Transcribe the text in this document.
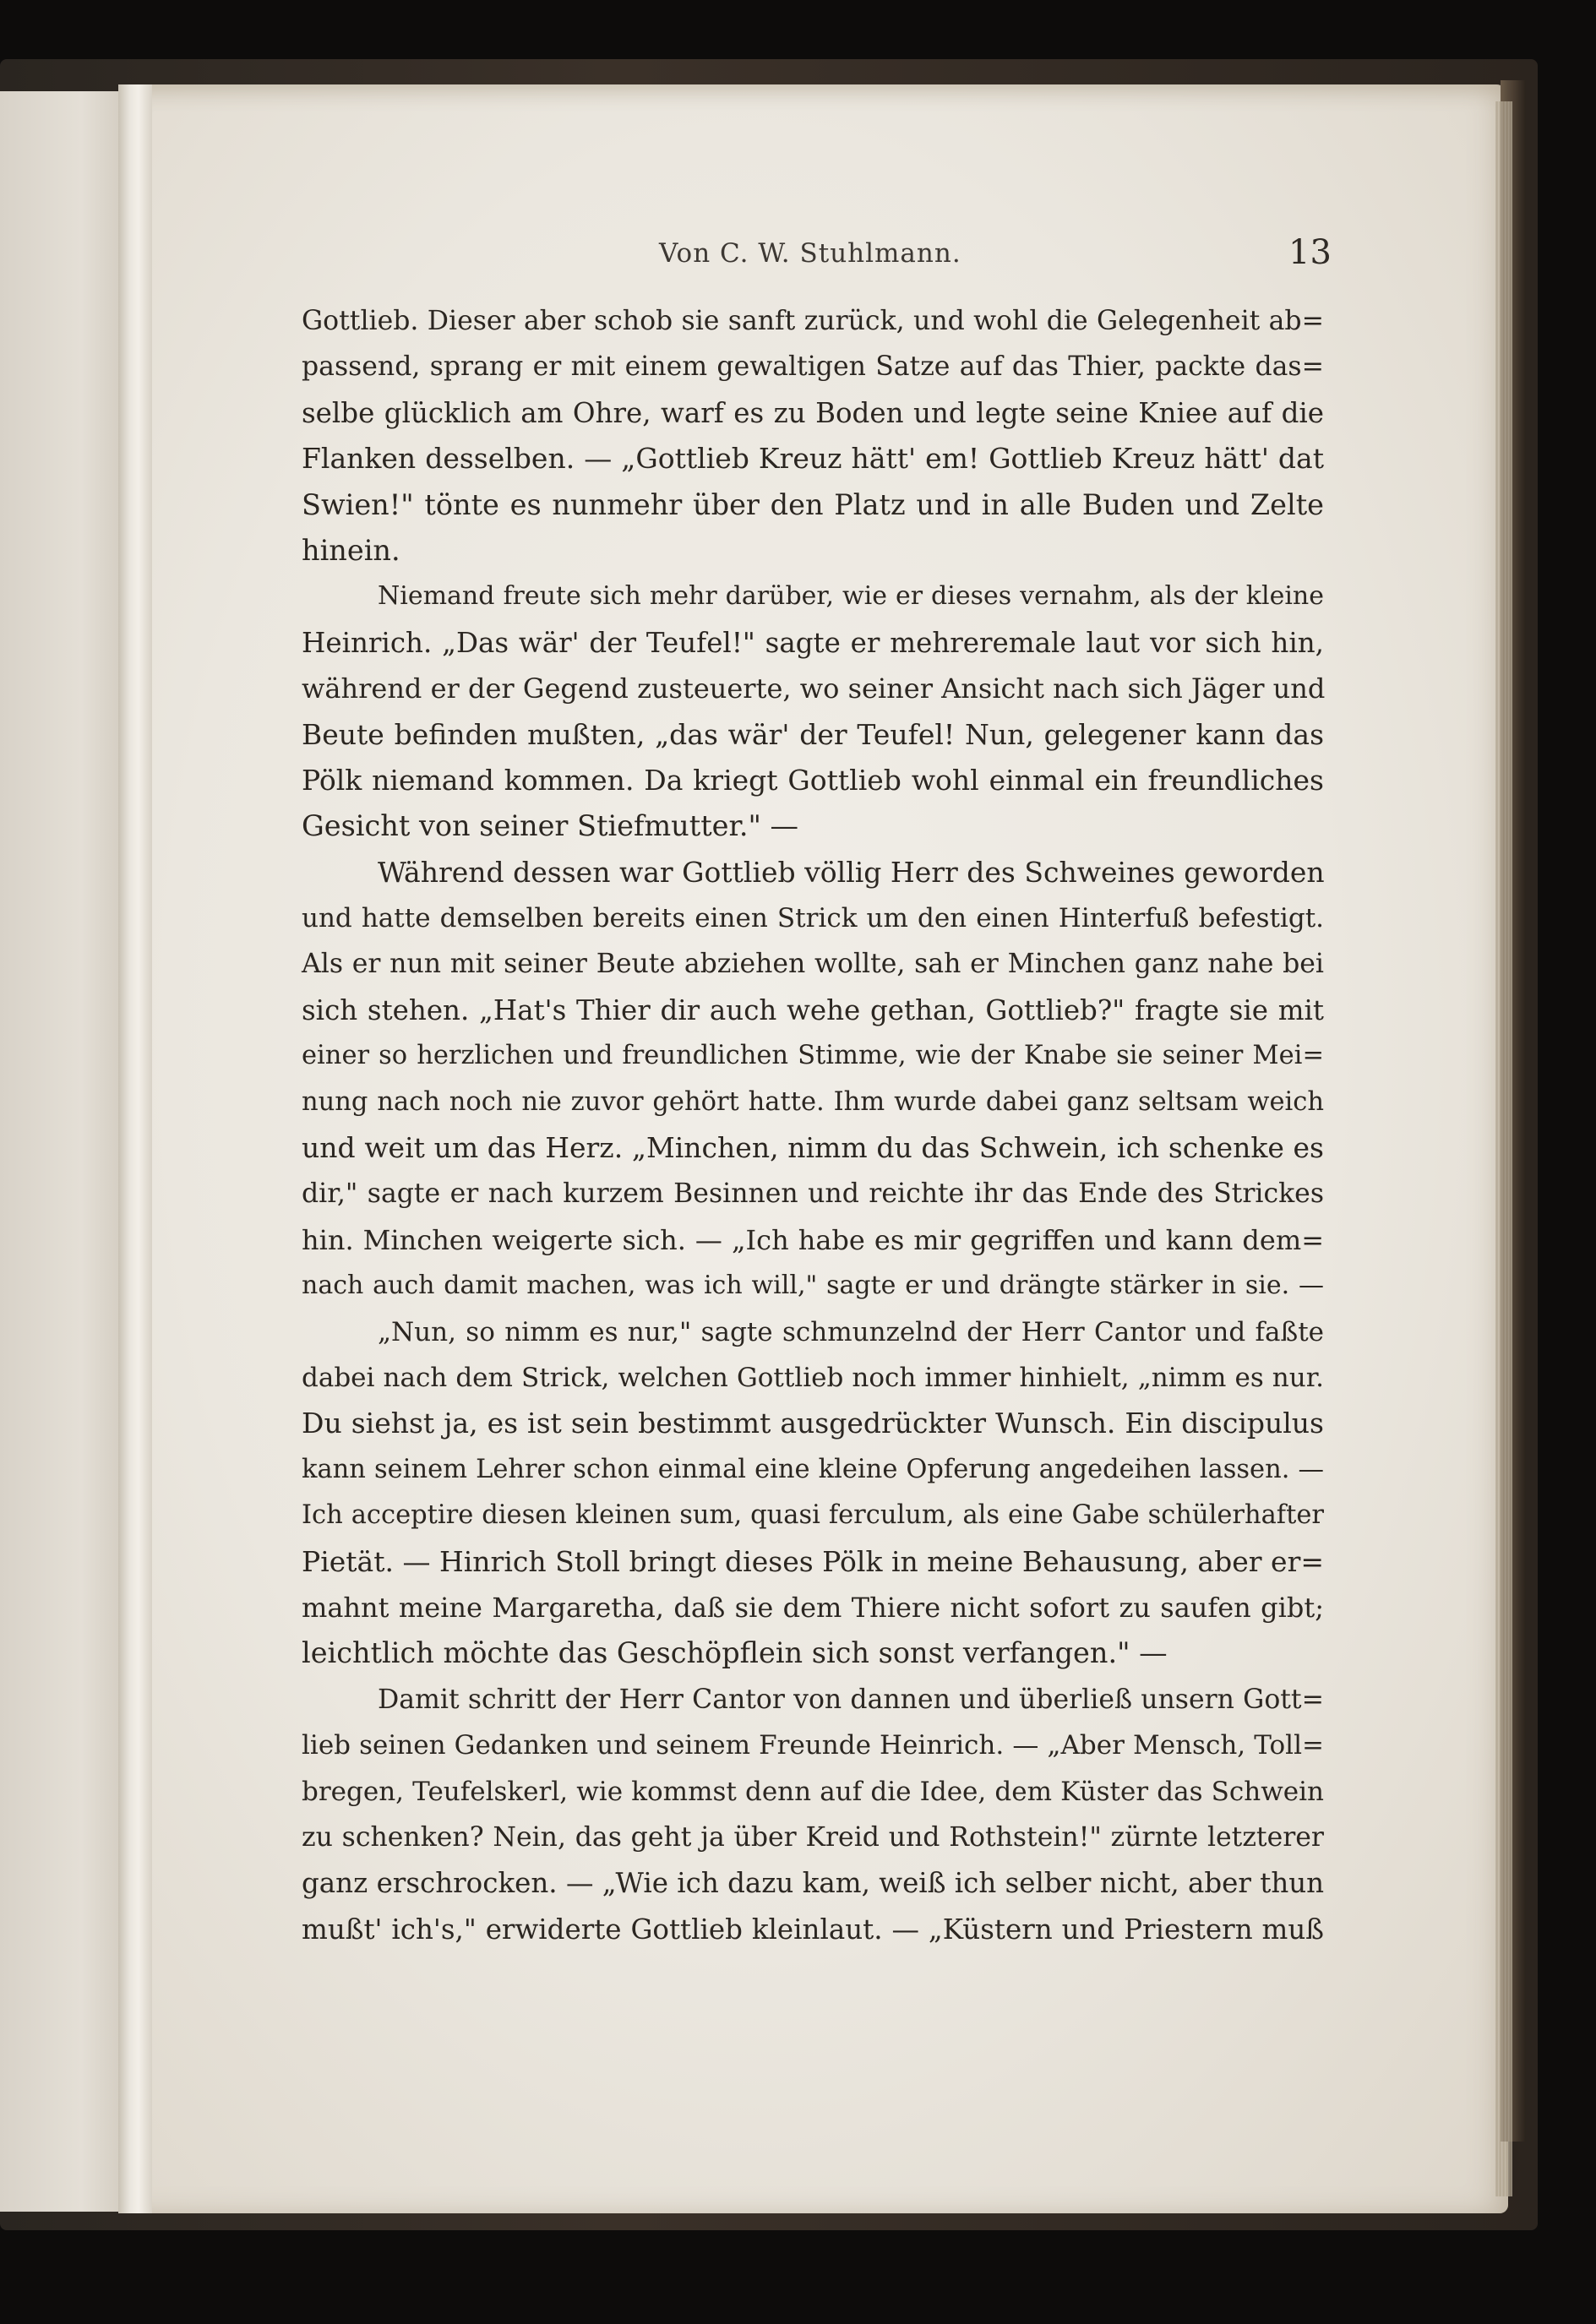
Von C. W. Stuhlmann.	13
Gottlieb. Dieser aber schob sie sanft zurück, und wohl die Gelegenheit ab=
passend, sprang er mit einem gewaltigen Satze auf das Thier, packte das=
selbe glücklich am Ohre, warf es zu Boden und legte seine Kniee auf die
Flanken desselben. — „Gottlieb Kreuz hätt' em! Gottlieb Kreuz hätt' dat
Swien!" tönte es nunmehr über den Platz und in alle Buden und Zelte
hinein.
Niemand freute sich mehr darüber, wie er dieses vernahm, als der kleine
Heinrich. „Das wär' der Teufel!" sagte er mehreremale laut vor sich hin,
während er der Gegend zusteuerte, wo seiner Ansicht nach sich Jäger und
Beute befinden mußten, „das wär' der Teufel! Nun, gelegener kann das
Pölk niemand kommen. Da kriegt Gottlieb wohl einmal ein freundliches
Gesicht von seiner Stiefmutter." —
Während dessen war Gottlieb völlig Herr des Schweines geworden
und hatte demselben bereits einen Strick um den einen Hinterfuß befestigt.
Als er nun mit seiner Beute abziehen wollte, sah er Minchen ganz nahe bei
sich stehen. „Hat's Thier dir auch wehe gethan, Gottlieb?" fragte sie mit
einer so herzlichen und freundlichen Stimme, wie der Knabe sie seiner Mei=
nung nach noch nie zuvor gehört hatte. Ihm wurde dabei ganz seltsam weich
und weit um das Herz. „Minchen, nimm du das Schwein, ich schenke es
dir," sagte er nach kurzem Besinnen und reichte ihr das Ende des Strickes
hin. Minchen weigerte sich. — „Ich habe es mir gegriffen und kann dem=
nach auch damit machen, was ich will," sagte er und drängte stärker in sie. —
„Nun, so nimm es nur," sagte schmunzelnd der Herr Cantor und faßte
dabei nach dem Strick, welchen Gottlieb noch immer hinhielt, „nimm es nur.
Du siehst ja, es ist sein bestimmt ausgedrückter Wunsch. Ein discipulus
kann seinem Lehrer schon einmal eine kleine Opferung angedeihen lassen. —
Ich acceptire diesen kleinen sum, quasi ferculum, als eine Gabe schülerhafter
Pietät. — Hinrich Stoll bringt dieses Pölk in meine Behausung, aber er=
mahnt meine Margaretha, daß sie dem Thiere nicht sofort zu saufen gibt;
leichtlich möchte das Geschöpflein sich sonst verfangen." —
Damit schritt der Herr Cantor von dannen und überließ unsern Gott=
lieb seinen Gedanken und seinem Freunde Heinrich. — „Aber Mensch, Toll=
bregen, Teufelskerl, wie kommst denn auf die Idee, dem Küster das Schwein
zu schenken? Nein, das geht ja über Kreid und Rothstein!" zürnte letzterer
ganz erschrocken. — „Wie ich dazu kam, weiß ich selber nicht, aber thun
mußt' ich's," erwiderte Gottlieb kleinlaut. — „Küstern und Priestern muß
